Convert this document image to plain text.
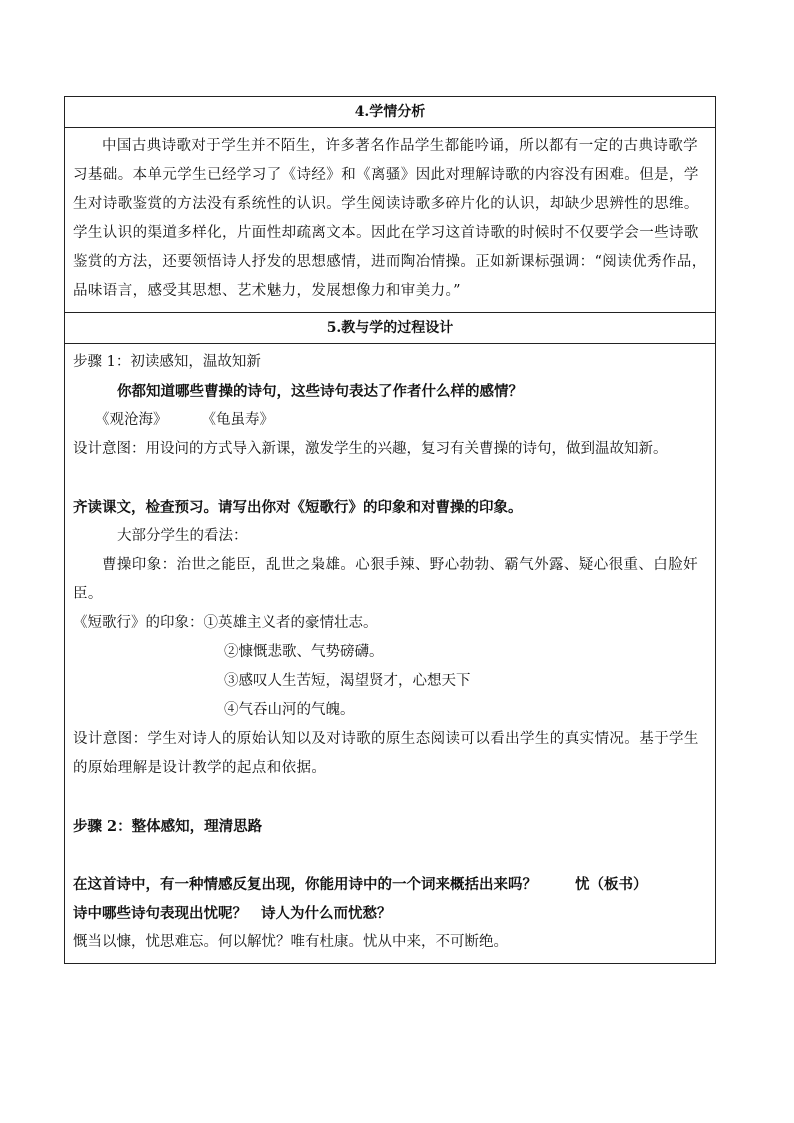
4.学情分析
中国古典诗歌对于学生并不陌生，许多著名作品学生都能吟诵，所以都有一定的古典诗歌学习基础。本单元学生已经学习了《诗经》和《离骚》因此对理解诗歌的内容没有困难。但是，学生对诗歌鉴赏的方法没有系统性的认识。学生阅读诗歌多碎片化的认识，却缺少思辨性的思维。学生认识的渠道多样化，片面性却疏离文本。因此在学习这首诗歌的时候时不仅要学会一些诗歌鉴赏的方法，还要领悟诗人抒发的思想感情，进而陶冶情操。正如新课标强调：“阅读优秀作品，品味语言，感受其思想、艺术魅力，发展想像力和审美力。”
5.教与学的过程设计
步骤 1：初读感知，温故知新
你都知道哪些曹操的诗句，这些诗句表达了作者什么样的感情？
《观沧海》 《龟虽寿》
设计意图：用设问的方式导入新课，激发学生的兴趣，复习有关曹操的诗句，做到温故知新。
齐读课文，检查预习。请写出你对《短歌行》的印象和对曹操的印象。
大部分学生的看法：
曹操印象：治世之能臣，乱世之枭雄。心狠手辣、野心勃勃、霸气外露、疑心很重、白脸奸臣。
《短歌行》的印象：①英雄主义者的豪情壮志。
②慷慨悲歌、气势磅礴。
③感叹人生苦短，渴望贤才，心想天下
④气吞山河的气魄。
设计意图：学生对诗人的原始认知以及对诗歌的原生态阅读可以看出学生的真实情况。基于学生的原始理解是设计教学的起点和依据。
步骤 2：整体感知，理清思路
在这首诗中，有一种情感反复出现，你能用诗中的一个词来概括出来吗？	忧（板书）
诗中哪些诗句表现出忧呢？ 诗人为什么而忧愁？
慨当以慷，忧思难忘。何以解忧？唯有杜康。忧从中来，不可断绝。
